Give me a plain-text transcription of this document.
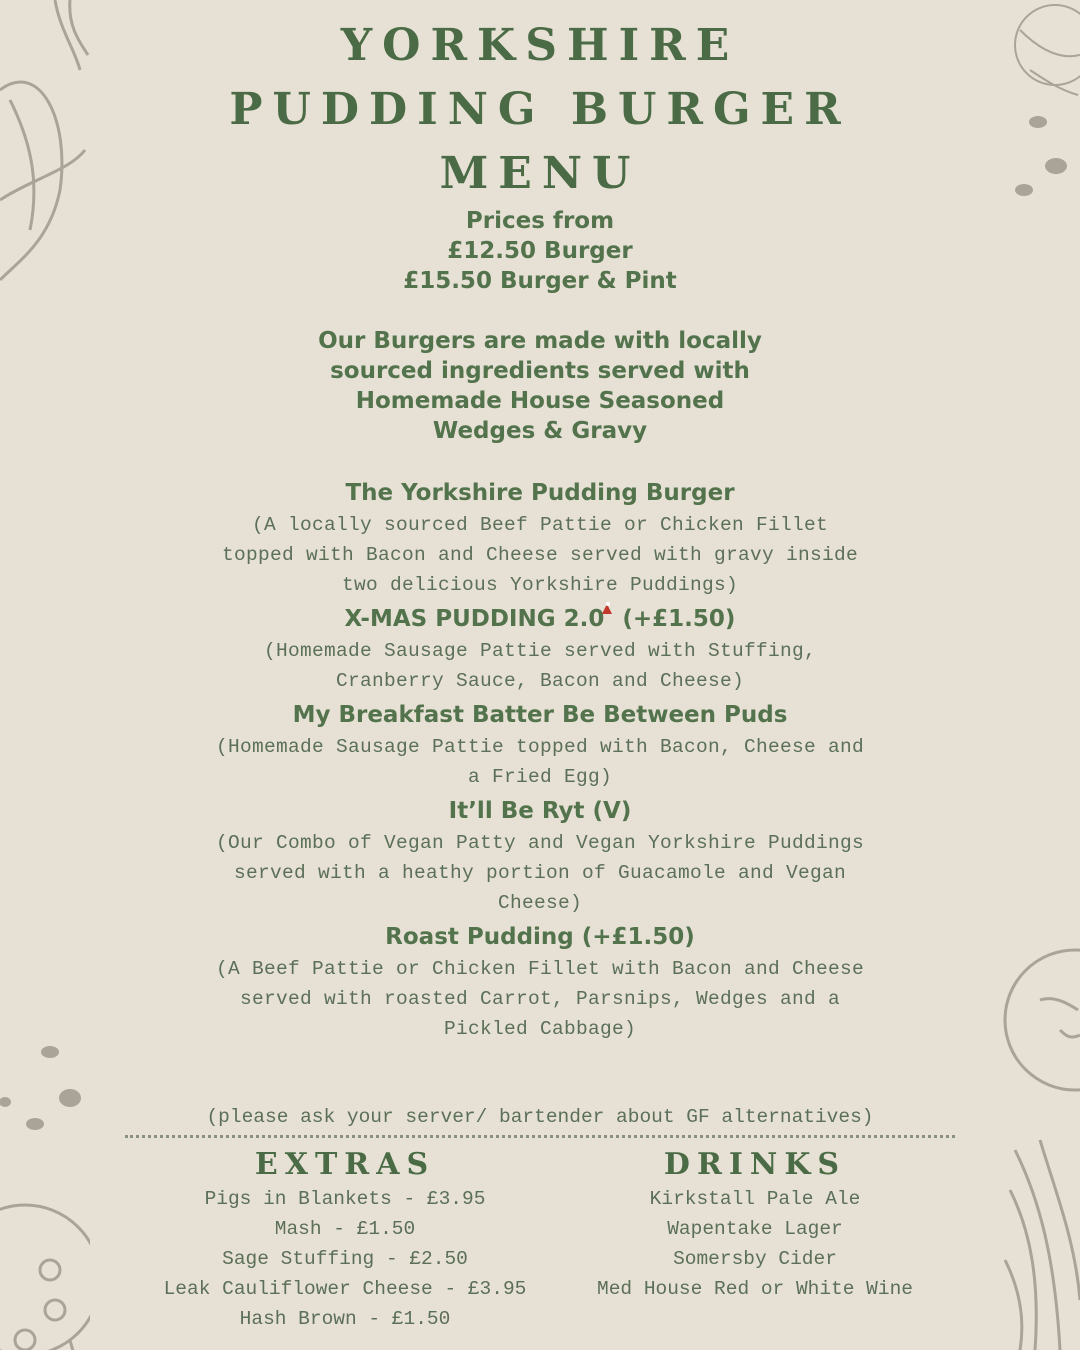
YORKSHIRE
PUDDING BURGER
MENU
Prices from
£12.50 Burger
£15.50 Burger & Pint
Our Burgers are made with locally
sourced ingredients served with
Homemade House Seasoned
Wedges & Gravy
The Yorkshire Pudding Burger
(A locally sourced Beef Pattie or Chicken Fillet
topped with Bacon and Cheese served with gravy inside
two delicious Yorkshire Puddings)
X-MAS PUDDING 2.0 (+£1.50)
(Homemade Sausage Pattie served with Stuffing,
Cranberry Sauce, Bacon and Cheese)
My Breakfast Batter Be Between Puds
(Homemade Sausage Pattie topped with Bacon, Cheese and
a Fried Egg)
It’ll Be Ryt (V)
(Our Combo of Vegan Patty and Vegan Yorkshire Puddings
served with a heathy portion of Guacamole and Vegan
Cheese)
Roast Pudding (+£1.50)
(A Beef Pattie or Chicken Fillet with Bacon and Cheese
served with roasted Carrot, Parsnips, Wedges and a
Pickled Cabbage)
(please ask your server/ bartender about GF alternatives)
EXTRAS
Pigs in Blankets - £3.95
Mash - £1.50
Sage Stuffing - £2.50
Leak Cauliflower Cheese - £3.95
Hash Brown - £1.50
DRINKS
Kirkstall Pale Ale
Wapentake Lager
Somersby Cider
Med House Red or White Wine
